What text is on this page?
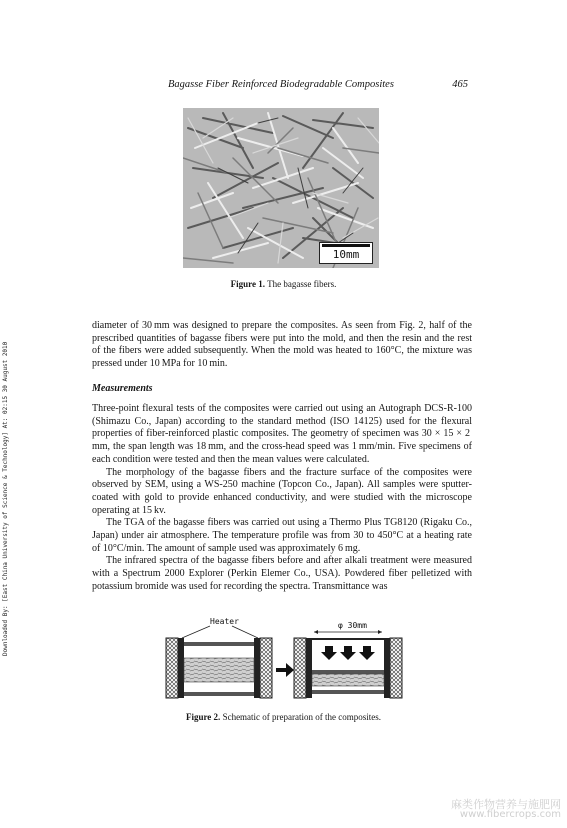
Bagasse Fiber Reinforced Biodegradable Composites	465
Downloaded By: [East China University of Science & Technology] At: 02:15 30 August 2010
10mm
Figure 1. The bagasse fibers.

diameter of 30 mm was designed to prepare the composites. As seen from Fig. 2, half of the prescribed quantities of bagasse fibers were put into the mold, and then the resin and the rest of the fibers were added subsequently. When the mold was heated to 160°C, the mixture was pressed under 10 MPa for 10 min.

Measurements

Three-point flexural tests of the composites were carried out using an Autograph DCS-R-100 (Shimazu Co., Japan) according to the standard method (ISO 14125) used for the flexural properties of fiber-reinforced plastic composites. The geometry of specimen was 30 × 15 × 2 mm, the span length was 18 mm, and the cross-head speed was 1 mm/min. Five specimens of each condition were tested and then the mean values were calculated.

The morphology of the bagasse fibers and the fracture surface of the composites were observed by SEM, using a WS-250 machine (Topcon Co., Japan). All samples were sputter-coated with gold to provide enhanced conductivity, and were studied with the microscope operating at 15 kv.

The TGA of the bagasse fibers was carried out using a Thermo Plus TG8120 (Rigaku Co., Japan) under air atmosphere. The temperature profile was from 30 to 450°C at a heating rate of 10°C/min. The amount of sample used was approximately 6 mg.

The infrared spectra of the bagasse fibers before and after alkali treatment were measured with a Spectrum 2000 Explorer (Perkin Elemer Co., USA). Powdered fiber pelletized with potassium bromide was used for recording the spectra. Transmittance was

Heater	φ 30mm
Figure 2. Schematic of preparation of the composites.
麻类作物营养与施肥网
www.fibercrops.com
